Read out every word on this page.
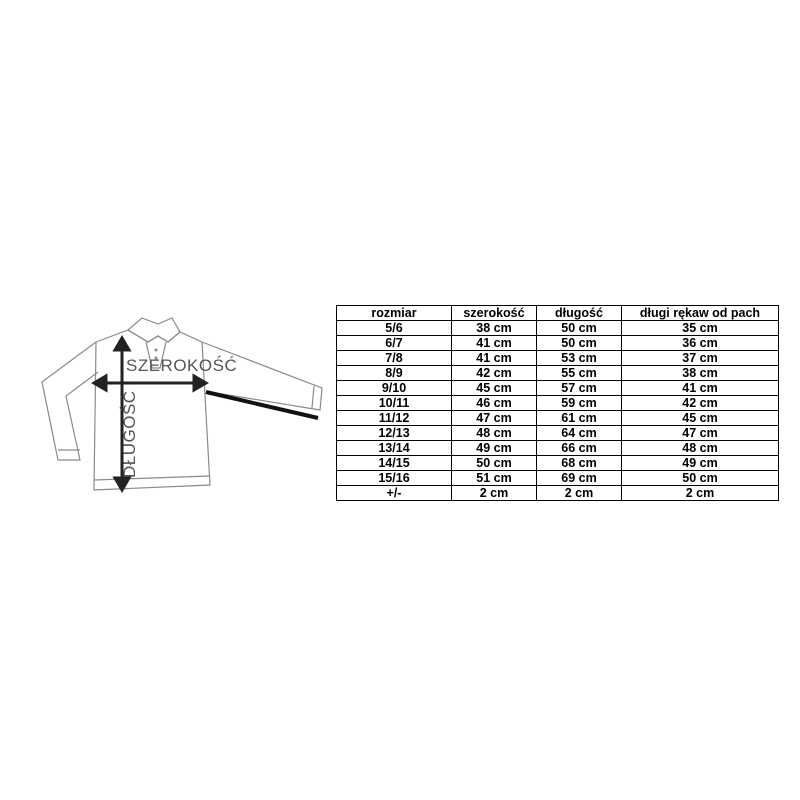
SZEROKOŚĆ
DŁUGOŚĆ
rozmiar	szerokość	długość	długi rękaw od pach
5/6	38 cm	50 cm	35 cm
6/7	41 cm	50 cm	36 cm
7/8	41 cm	53 cm	37 cm
8/9	42 cm	55 cm	38 cm
9/10	45 cm	57 cm	41 cm
10/11	46 cm	59 cm	42 cm
11/12	47 cm	61 cm	45 cm
12/13	48 cm	64 cm	47 cm
13/14	49 cm	66 cm	48 cm
14/15	50 cm	68 cm	49 cm
15/16	51 cm	69 cm	50 cm
+/-	2 cm	2 cm	2 cm
